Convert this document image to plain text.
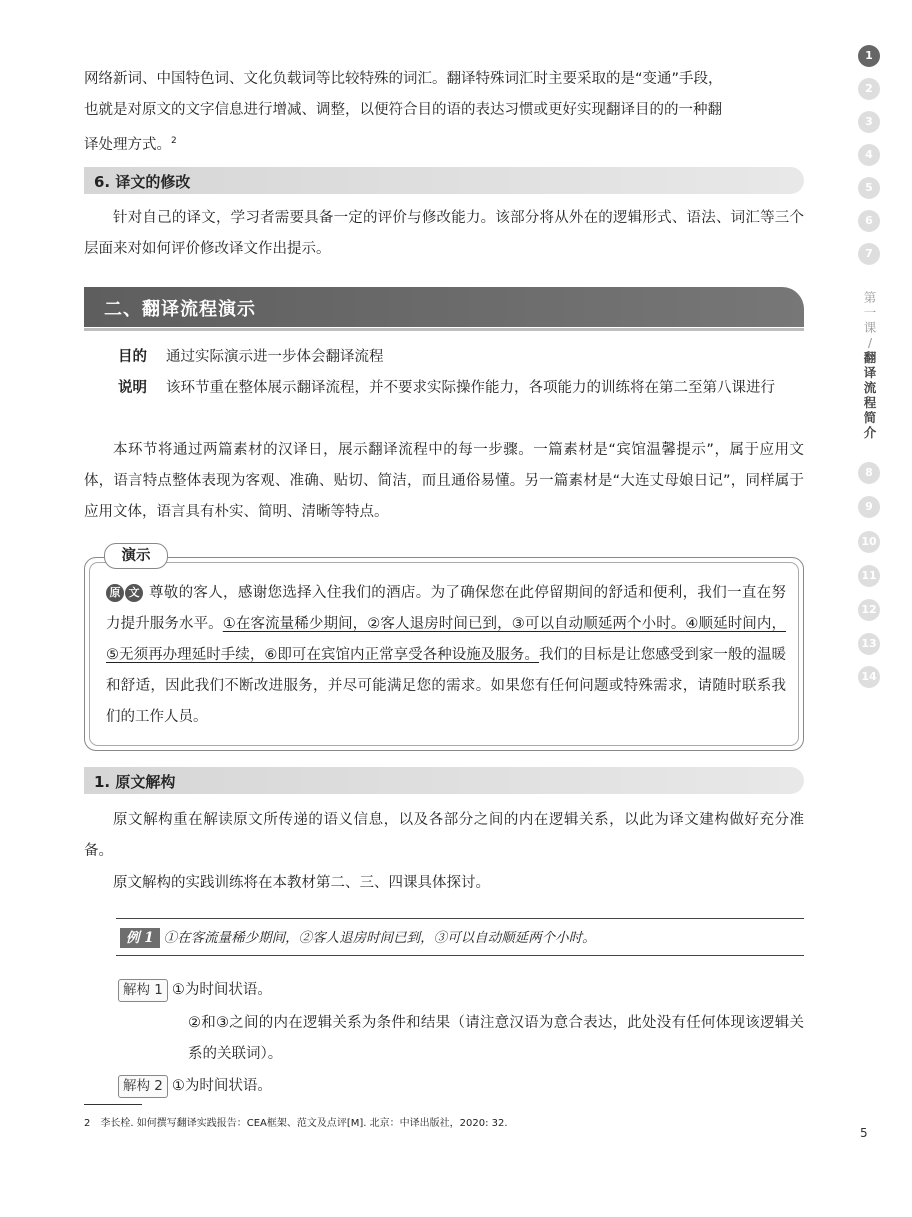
网络新词、中国特色词、文化负载词等比较特殊的词汇。翻译特殊词汇时主要采取的是“变通”手段，
也就是对原文的文字信息进行增减、调整，以便符合目的语的表达习惯或更好实现翻译目的的一种翻
译处理方式。$^2$
6. 译文的修改

针对自己的译文，学习者需要具备一定的评价与修改能力。该部分将从外在的逻辑形式、语法、词汇等三个层面来对如何评价修改译文作出提示。

二、翻译流程演示
目的 通过实际演示进一步体会翻译流程
说明 该环节重在整体展示翻译流程，并不要求实际操作能力，各项能力的训练将在第二至第八课进行

本环节将通过两篇素材的汉译日，展示翻译流程中的每一步骤。一篇素材是“宾馆温馨提示”，属于应用文体，语言特点整体表现为客观、准确、贴切、简洁，而且通俗易懂。另一篇素材是“大连丈母娘日记”，同样属于应用文体，语言具有朴实、简明、清晰等特点。

演示
原 文 尊敬的客人，感谢您选择入住我们的酒店。为了确保您在此停留期间的舒适和便利，我们一直在努力提升服务水平。①在客流量稀少期间，②客人退房时间已到，③可以自动顺延两个小时。④顺延时间内，⑤无须再办理延时手续，⑥即可在宾馆内正常享受各种设施及服务。我们的目标是让您感受到家一般的温暖和舒适，因此我们不断改进服务，并尽可能满足您的需求。如果您有任何问题或特殊需求，请随时联系我们的工作人员。
1. 原文解构

原文解构重在解读原文所传递的语义信息，以及各部分之间的内在逻辑关系，以此为译文建构做好充分准备。

原文解构的实践训练将在本教材第二、三、四课具体探讨。

例 1 ①在客流量稀少期间，②客人退房时间已到，③可以自动顺延两个小时。
解构 1 ①为时间状语。
②和③之间的内在逻辑关系为条件和结果（请注意汉语为意合表达，此处没有任何体现该逻辑关系的关联词）。
解构 2 ①为时间状语。
2　李长栓. 如何撰写翻译实践报告：CEA框架、范文及点评[M]. 北京：中译出版社，2020: 32.
5
1
2
3
4
5
6
7
第一课
/
翻译流程简介
8
9
10
11
12
13
14
